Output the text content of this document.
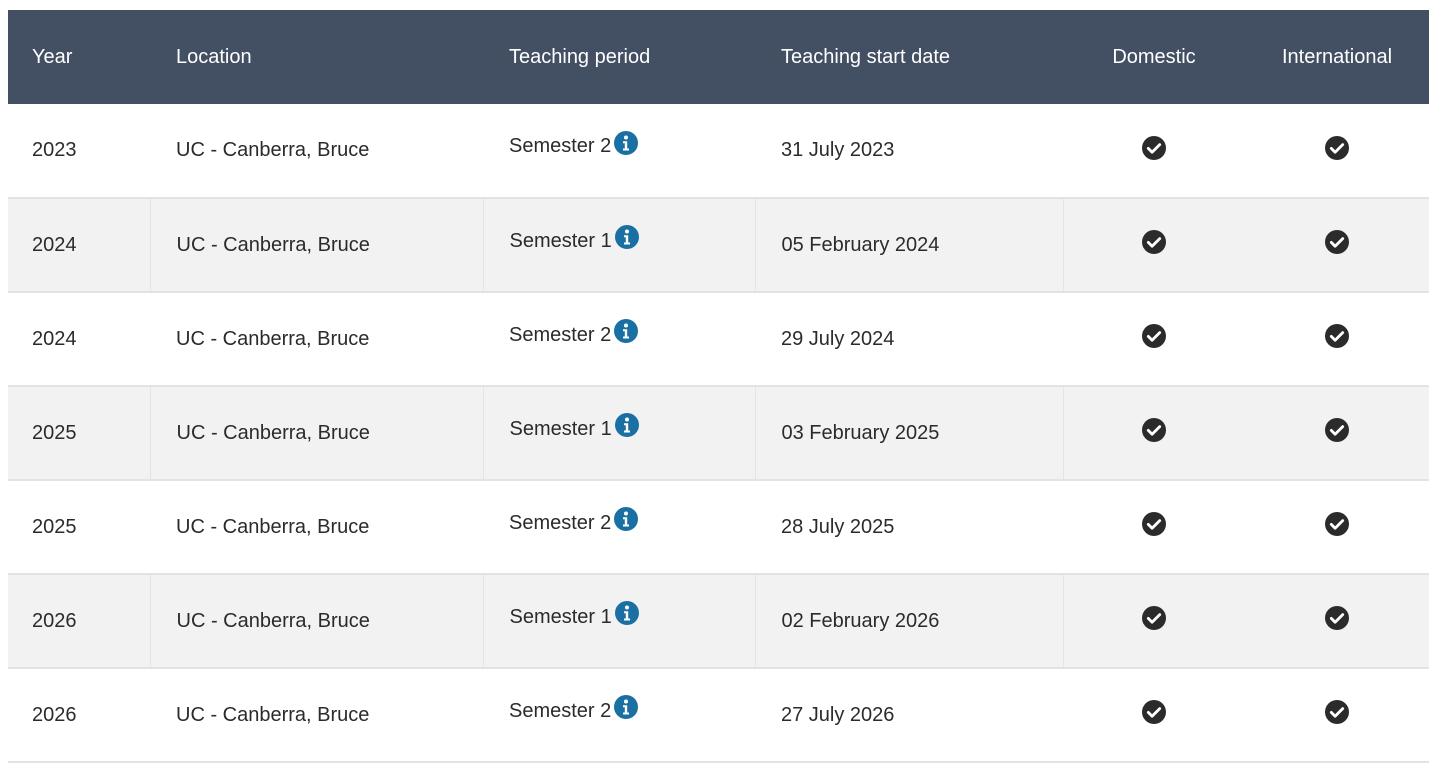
Year	Location	Teaching period	Teaching start date	Domestic	International
2023	UC - Canberra, Bruce	Semester 2	31 July 2023		
2024	UC - Canberra, Bruce	Semester 1	05 February 2024		
2024	UC - Canberra, Bruce	Semester 2	29 July 2024		
2025	UC - Canberra, Bruce	Semester 1	03 February 2025		
2025	UC - Canberra, Bruce	Semester 2	28 July 2025		
2026	UC - Canberra, Bruce	Semester 1	02 February 2026		
2026	UC - Canberra, Bruce	Semester 2	27 July 2026		
